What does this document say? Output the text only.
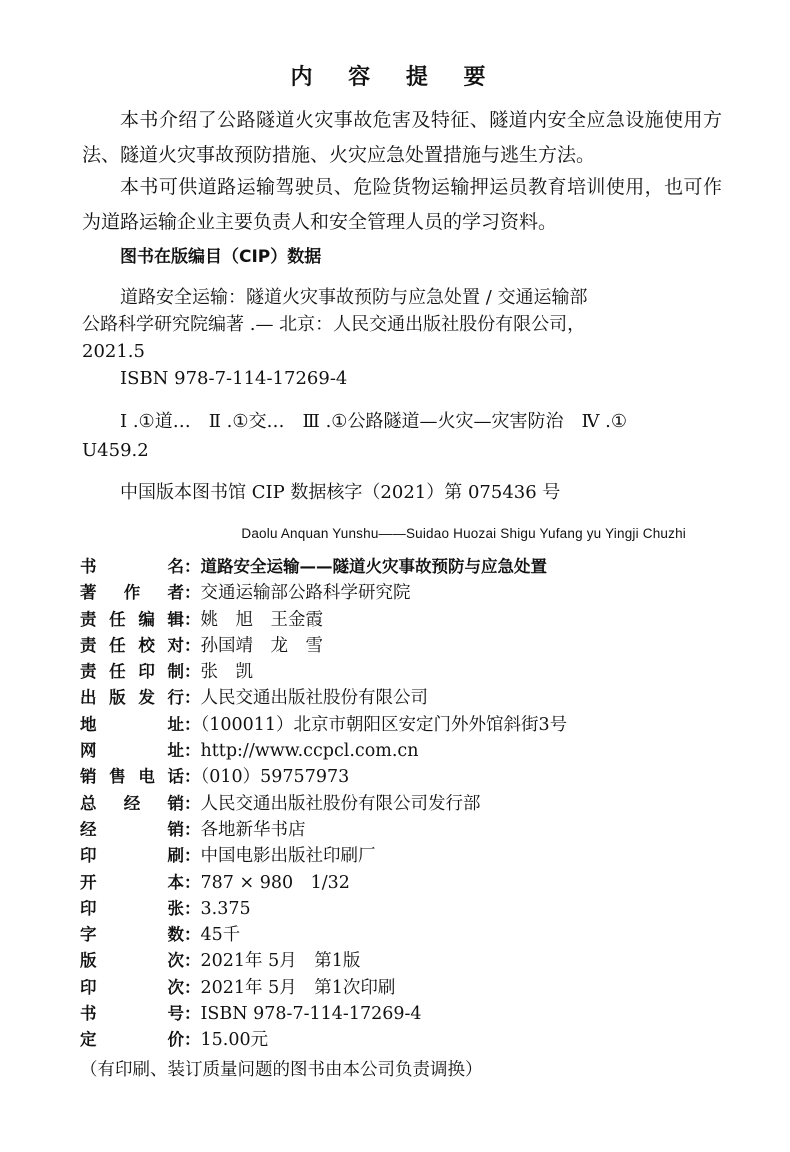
内 容 提 要
本书介绍了公路隧道火灾事故危害及特征、隧道内安全应急设施使用方法、隧道火灾事故预防措施、火灾应急处置措施与逃生方法。
本书可供道路运输驾驶员、危险货物运输押运员教育培训使用，也可作为道路运输企业主要负责人和安全管理人员的学习资料。
图书在版编目（CIP）数据
道路安全运输：隧道火灾事故预防与应急处置 / 交通运输部公路科学研究院编著 .— 北京：人民交通出版社股份有限公司，2021.5
ISBN 978-7-114-17269-4
Ⅰ .①道…　Ⅱ .①交…　Ⅲ .①公路隧道—火灾—灾害防治　Ⅳ .① U459.2
中国版本图书馆 CIP 数据核字（2021）第 075436 号
Daolu Anquan Yunshu——Suidao Huozai Shigu Yufang yu Yingji Chuzhi
书　名：道路安全运输——隧道火灾事故预防与应急处置
著 作 者：交通运输部公路科学研究院
责任编辑：姚　旭　王金霞
责任校对：孙国靖　龙　雪
责任印制：张　凯
出版发行：人民交通出版社股份有限公司
地　址：（100011）北京市朝阳区安定门外外馆斜街3号
网　址：http://www.ccpcl.com.cn
销售电话：（010）59757973
总 经 销：人民交通出版社股份有限公司发行部
经　销：各地新华书店
印　刷：中国电影出版社印刷厂
开　本：787 × 980　1/32
印　张：3.375
字　数：45千
版　次：2021年 5月　第1版
印　次：2021年 5月　第1次印刷
书　号：ISBN 978-7-114-17269-4
定　价：15.00元
（有印刷、装订质量问题的图书由本公司负责调换）
